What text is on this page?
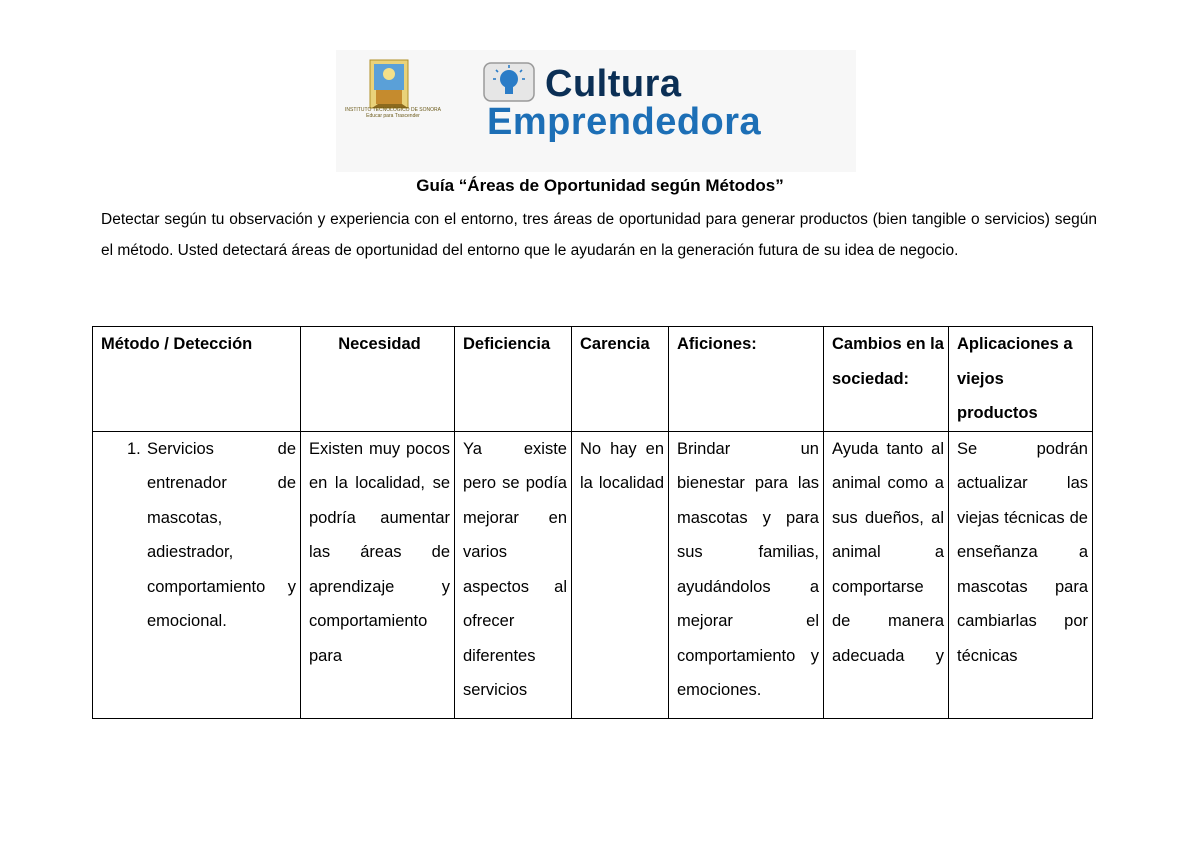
INSTITUTO TECNOLÓGICO DE SONORA
Educar para Trascender
Cultura
Emprendedora
Guía “Áreas de Oportunidad según Métodos”
Detectar según tu observación y experiencia con el entorno, tres áreas de oportunidad para generar productos (bien tangible o servicios) según el método. Usted detectará áreas de oportunidad del entorno que le ayudarán en la generación futura de su idea de negocio.
Método / Detección	Necesidad	Deficiencia	Carencia	Aficiones:	Cambios en la sociedad:	Aplicaciones a viejos productos

1. Servicios de entrenador de mascotas, adiestrador, comportamiento y emocional.	Existen muy pocos en la localidad, se podría aumentar las áreas de aprendizaje y comportamiento para	Ya existe pero se podía mejorar en varios aspectos al ofrecer diferentes servicios	No hay en la localidad	Brindar un bienestar para las mascotas y para sus familias, ayudándolos a mejorar el comportamiento y emociones.	Ayuda tanto al animal como a sus dueños, al animal a comportarse de manera adecuada y	Se podrán actualizar las viejas técnicas de enseñanza a mascotas para cambiarlas por técnicas
